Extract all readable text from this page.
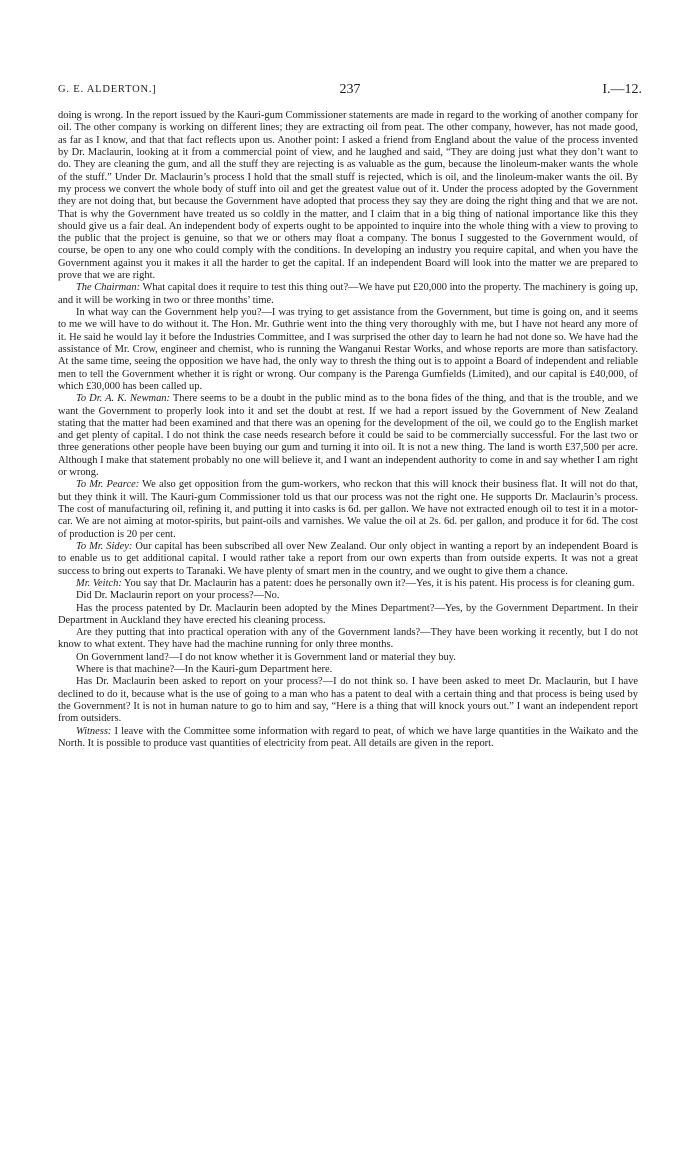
G. E. ALDERTON.]	237	I.—12.

doing is wrong. In the report issued by the Kauri-gum Commissioner statements are made in regard to the working of another company for oil. The other company is working on different lines; they are extracting oil from peat. The other company, however, has not made good, as far as I know, and that that fact reflects upon us. Another point: I asked a friend from England about the value of the process invented by Dr. Maclaurin, looking at it from a commercial point of view, and he laughed and said, “They are doing just what they don’t want to do. They are cleaning the gum, and all the stuff they are rejecting is as valuable as the gum, because the linoleum-maker wants the whole of the stuff.” Under Dr. Maclaurin’s process I hold that the small stuff is rejected, which is oil, and the linoleum-maker wants the oil. By my process we convert the whole body of stuff into oil and get the greatest value out of it. Under the process adopted by the Government they are not doing that, but because the Government have adopted that process they say they are doing the right thing and that we are not. That is why the Government have treated us so coldly in the matter, and I claim that in a big thing of national importance like this they should give us a fair deal. An independent body of experts ought to be appointed to inquire into the whole thing with a view to proving to the public that the project is genuine, so that we or others may float a company. The bonus I suggested to the Government would, of course, be open to any one who could comply with the conditions. In developing an industry you require capital, and when you have the Government against you it makes it all the harder to get the capital. If an independent Board will look into the matter we are prepared to prove that we are right.

The Chairman: What capital does it require to test this thing out?—We have put £20,000 into the property. The machinery is going up, and it will be working in two or three months’ time.

In what way can the Government help you?—I was trying to get assistance from the Government, but time is going on, and it seems to me we will have to do without it. The Hon. Mr. Guthrie went into the thing very thoroughly with me, but I have not heard any more of it. He said he would lay it before the Industries Committee, and I was surprised the other day to learn he had not done so. We have had the assistance of Mr. Crow, engineer and chemist, who is running the Wanganui Restar Works, and whose reports are more than satisfactory. At the same time, seeing the opposition we have had, the only way to thresh the thing out is to appoint a Board of independent and reliable men to tell the Government whether it is right or wrong. Our company is the Parenga Gumfields (Limited), and our capital is £40,000, of which £30,000 has been called up.

To Dr. A. K. Newman: There seems to be a doubt in the public mind as to the bona fides of the thing, and that is the trouble, and we want the Government to properly look into it and set the doubt at rest. If we had a report issued by the Government of New Zealand stating that the matter had been examined and that there was an opening for the development of the oil, we could go to the English market and get plenty of capital. I do not think the case needs research before it could be said to be commercially successful. For the last two or three generations other people have been buying our gum and turning it into oil. It is not a new thing. The land is worth £37,500 per acre. Although I make that statement probably no one will believe it, and I want an independent authority to come in and say whether I am right or wrong.

To Mr. Pearce: We also get opposition from the gum-workers, who reckon that this will knock their business flat. It will not do that, but they think it will. The Kauri-gum Commissioner told us that our process was not the right one. He supports Dr. Maclaurin’s process. The cost of manufacturing oil, refining it, and putting it into casks is 6d. per gallon. We have not extracted enough oil to test it in a motor-car. We are not aiming at motor-spirits, but paint-oils and varnishes. We value the oil at 2s. 6d. per gallon, and produce it for 6d. The cost of production is 20 per cent.

To Mr. Sidey: Our capital has been subscribed all over New Zealand. Our only object in wanting a report by an independent Board is to enable us to get additional capital. I would rather take a report from our own experts than from outside experts. It was not a great success to bring out experts to Taranaki. We have plenty of smart men in the country, and we ought to give them a chance.

Mr. Veitch: You say that Dr. Maclaurin has a patent: does he personally own it?—Yes, it is his patent. His process is for cleaning gum.

Did Dr. Maclaurin report on your process?—No.

Has the process patented by Dr. Maclaurin been adopted by the Mines Department?—Yes, by the Government Department. In their Department in Auckland they have erected his cleaning process.

Are they putting that into practical operation with any of the Government lands?—They have been working it recently, but I do not know to what extent. They have had the machine running for only three months.

On Government land?—I do not know whether it is Government land or material they buy.

Where is that machine?—In the Kauri-gum Department here.

Has Dr. Maclaurin been asked to report on your process?—I do not think so. I have been asked to meet Dr. Maclaurin, but I have declined to do it, because what is the use of going to a man who has a patent to deal with a certain thing and that process is being used by the Government? It is not in human nature to go to him and say, “Here is a thing that will knock yours out.” I want an independent report from outsiders.

Witness: I leave with the Committee some information with regard to peat, of which we have large quantities in the Waikato and the North. It is possible to produce vast quantities of electricity from peat. All details are given in the report.
